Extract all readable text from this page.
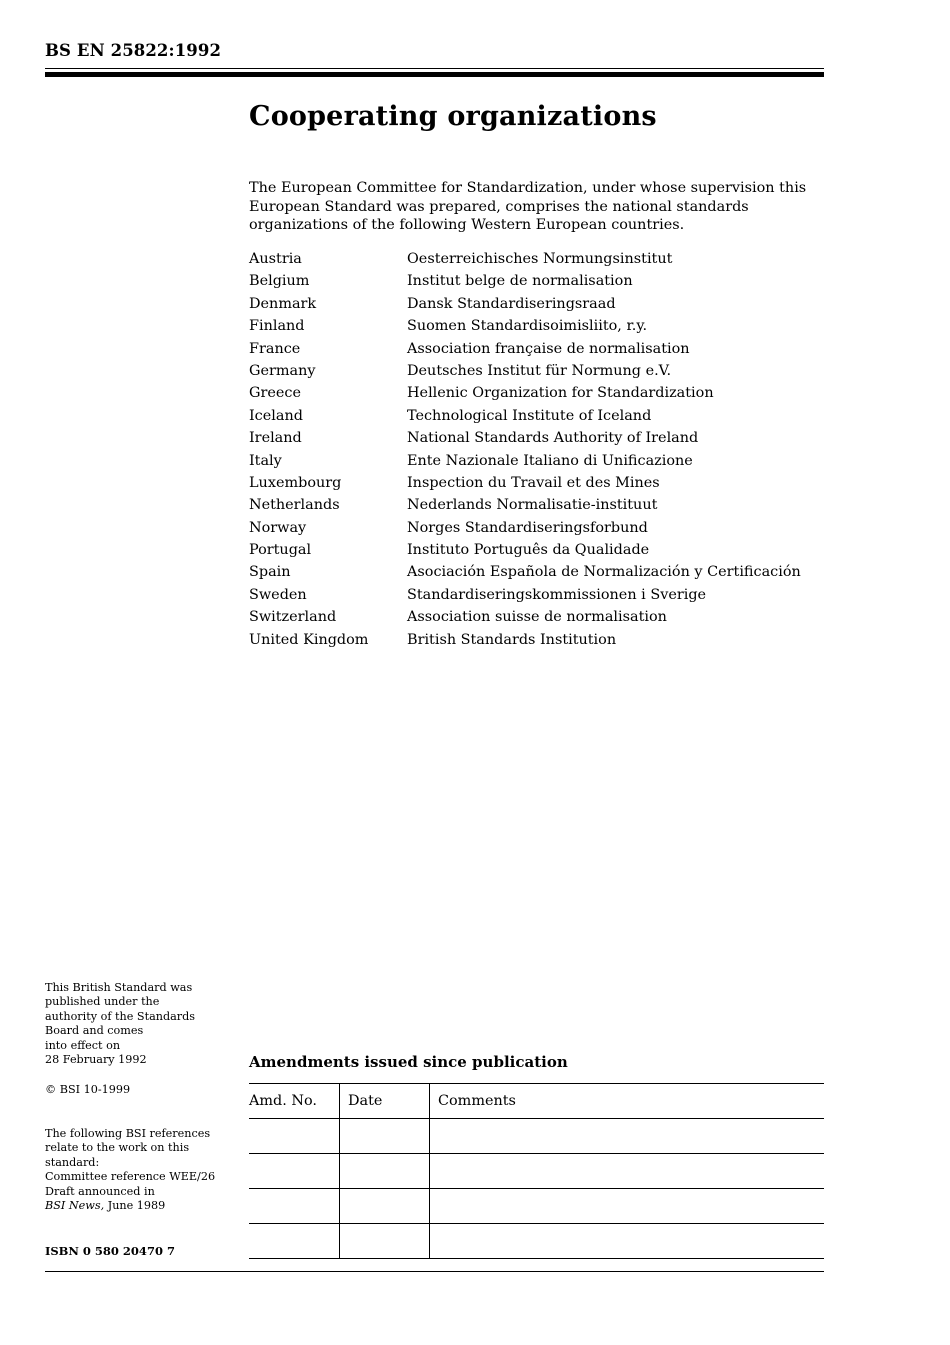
BS EN 25822:1992
Cooperating organizations

The European Committee for Standardization, under whose supervision this European Standard was prepared, comprises the national standards organizations of the following Western European countries.

Austria	Oesterreichisches Normungsinstitut
Belgium	Institut belge de normalisation
Denmark	Dansk Standardiseringsraad
Finland	Suomen Standardisoimisliito, r.y.
France	Association française de normalisation
Germany	Deutsches Institut für Normung e.V.
Greece	Hellenic Organization for Standardization
Iceland	Technological Institute of Iceland
Ireland	National Standards Authority of Ireland
Italy	Ente Nazionale Italiano di Unificazione
Luxembourg	Inspection du Travail et des Mines
Netherlands	Nederlands Normalisatie-instituut
Norway	Norges Standardiseringsforbund
Portugal	Instituto Português da Qualidade
Spain	Asociación Española de Normalización y Certificación
Sweden	Standardiseringskommissionen i Sverige
Switzerland	Association suisse de normalisation
United Kingdom	British Standards Institution
This British Standard was
published under the
authority of the Standards
Board and comes
into effect on
28 February 1992
© BSI 10-1999
The following BSI references
relate to the work on this
standard:
Committee reference WEE/26
Draft announced in
BSI News, June 1989
ISBN 0 580 20470 7
Amendments issued since publication
Amd. No.	Date	Comments
